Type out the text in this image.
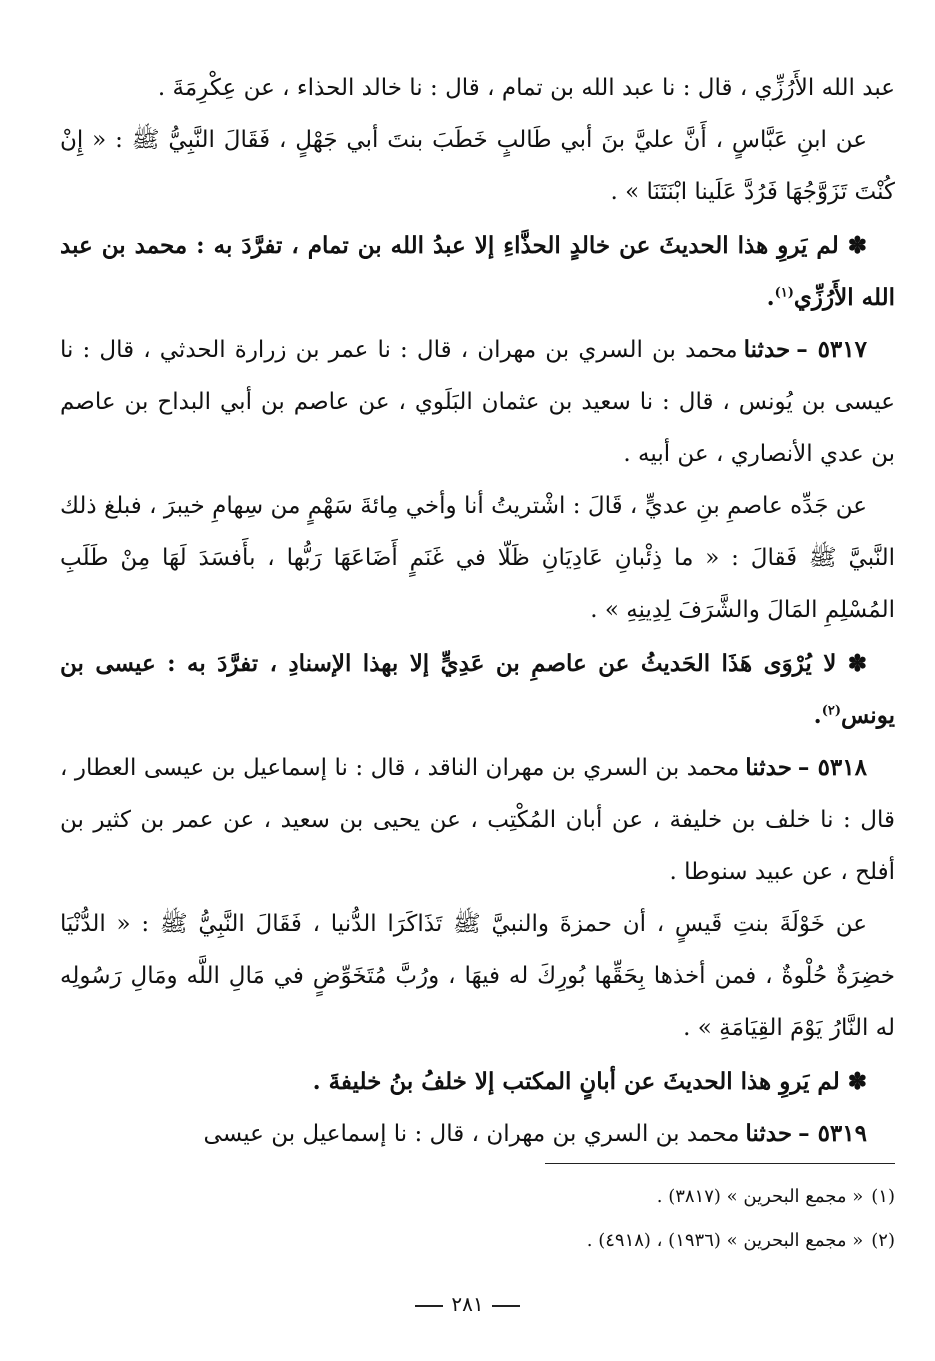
عبد الله الأَرُزِّي ، قال : نا عبد الله بن تمام ، قال : نا خالد الحذاء ، عن عِكْرِمَةَ .

عن ابنِ عَبَّاسٍ ، أَنَّ عليَّ بنَ أبي طَالبٍ خَطَبَ بنتَ أبي جَهْلٍ ، فَقَالَ النَّبِيُّ ﷺ : « إِنْ كُنْتَ تَزَوَّجُهَا فَرُدَّ عَلَينا ابْنَتَنَا » .

✽ لم يَروِ هذا الحديثَ عن خالدٍ الحذَّاءِ إلا عبدُ الله بن تمام ، تفرَّدَ به : محمد بن عبد الله الأَرُزِّي$^{(١)}$.

٥٣١٧ –حدثنامحمد بن السري بن مهران ، قال : نا عمر بن زرارة الحدثي ، قال : نا عيسى بن يُونس ، قال : نا سعيد بن عثمان البَلَوي ، عن عاصم بن أبي البداح بن عاصم بن عدي الأنصاري ، عن أبيه .

عن جَدِّه عاصمِ بنِ عديٍّ ، قَالَ : اشْتريتُ أنا وأخي مِائةَ سَهْمٍ من سِهامِ خيبرَ ، فبلغ ذلك النَّبيَّ ﷺ فَقالَ : « ما ذِئْبانِ عَادِيَانِ ظَلّا في غَنَمٍ أَضَاعَهَا رَبُّها ، بأَفسَدَ لَهَا مِنْ طَلَبِ المُسْلِمِ المَالَ والشَّرَفَ لِدِينِهِ » .

✽ لا يُرْوَى هَذَا الحَديثُ عن عاصمِ بن عَدِيٍّ إلا بهذا الإسنادِ ، تفرَّدَ به : عيسى بن يونس$^{(٢)}$.

٥٣١٨ –حدثنامحمد بن السري بن مهران الناقد ، قال : نا إسماعيل بن عيسى العطار ، قال : نا خلف بن خليفة ، عن أبان المُكْتِب ، عن يحيى بن سعيد ، عن عمر بن كثير بن أفلح ، عن عبيد سنوطا .

عن خَوْلَةَ بنتِ قَيسٍ ، أن حمزةَ والنبيَّ ﷺ تَذَاكَرَا الدُّنيا ، فَقَالَ النَّبِيُّ ﷺ : « الدُّنْيَا خضِرَةٌ حُلْوةٌ ، فمن أخذها بِحَقِّها بُورِكَ له فيهَا ، ورُبَّ مُتَخَوِّضٍ في مَالِ اللَّه ومَالِ رَسُولِه له النَّارُ يَوْمَ القِيَامَةِ » .

✽ لم يَروِ هذا الحديثَ عن أبانٍ المكتب إلا خلفُ بنُ خليفةَ .

٥٣١٩ –حدثنامحمد بن السري بن مهران ، قال : نا إسماعيل بن عيسى

(١)« مجمع البحرين » (٣٨١٧) .

(٢)« مجمع البحرين » (١٩٣٦) ، (٤٩١٨) .

٢٨١
